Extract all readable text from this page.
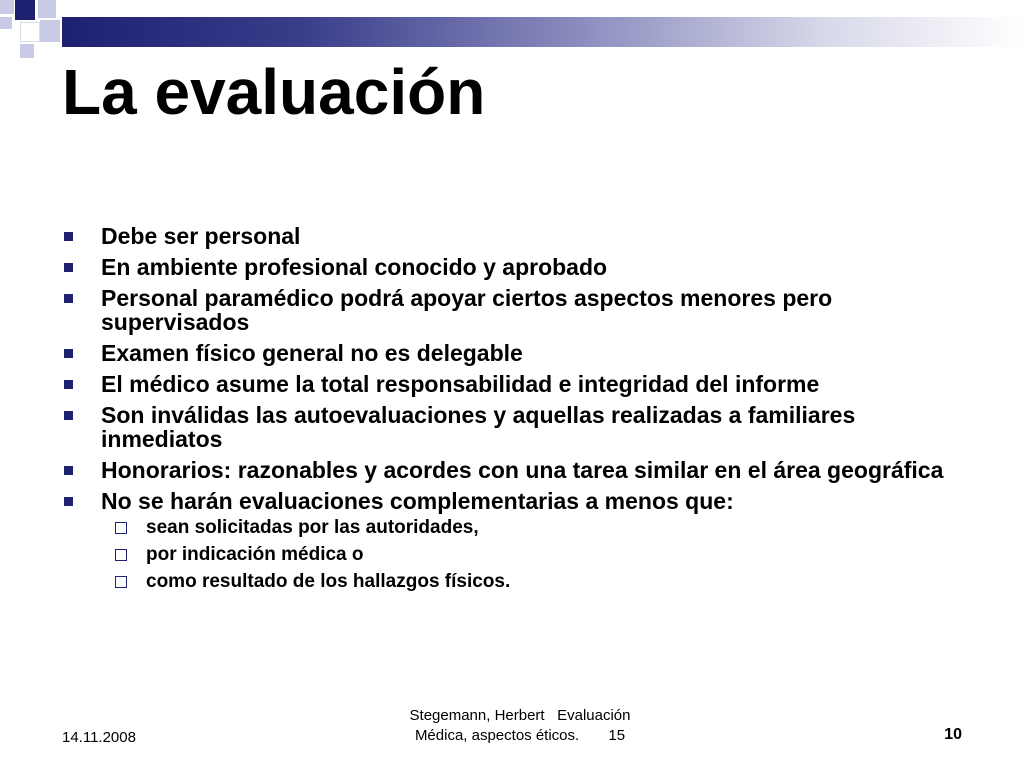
La evaluación
Debe ser personal
En ambiente profesional conocido y aprobado
Personal paramédico podrá apoyar ciertos aspectos menores pero supervisados
Examen físico general no es delegable
El médico asume la total responsabilidad e integridad del informe
Son inválidas las autoevaluaciones y aquellas realizadas a familiares inmediatos
Honorarios: razonables y acordes con una tarea similar en el área geográfica
No se harán evaluaciones complementarias a menos que:
sean solicitadas por las autoridades,
por indicación médica o
como resultado de los hallazgos físicos.
14.11.2008
Stegemann, Herbert   Evaluación
Médica, aspectos éticos.       15	10
